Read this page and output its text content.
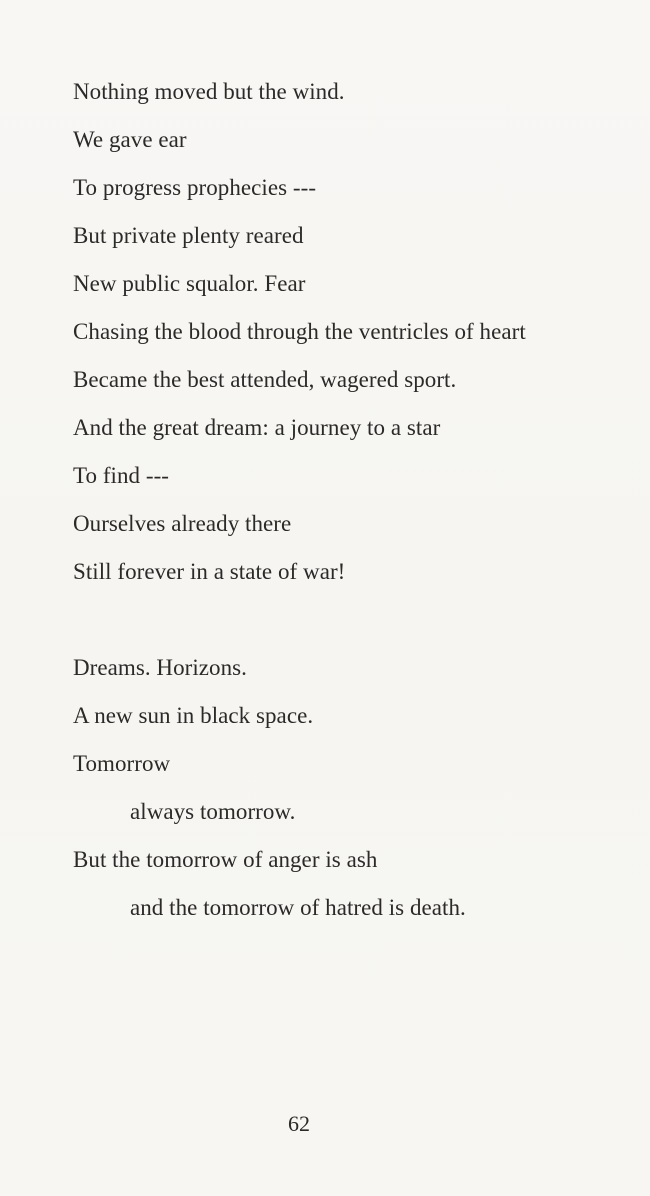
Nothing moved but the wind.
We gave ear
To progress prophecies ---
But private plenty reared
New public squalor. Fear
Chasing the blood through the ventricles of heart
Became the best attended, wagered sport.
And the great dream: a journey to a star
To find ---
Ourselves already there
Still forever in a state of war!
Dreams. Horizons.
A new sun in black space.
Tomorrow
always tomorrow.
But the tomorrow of anger is ash
and the tomorrow of hatred is death.
62
